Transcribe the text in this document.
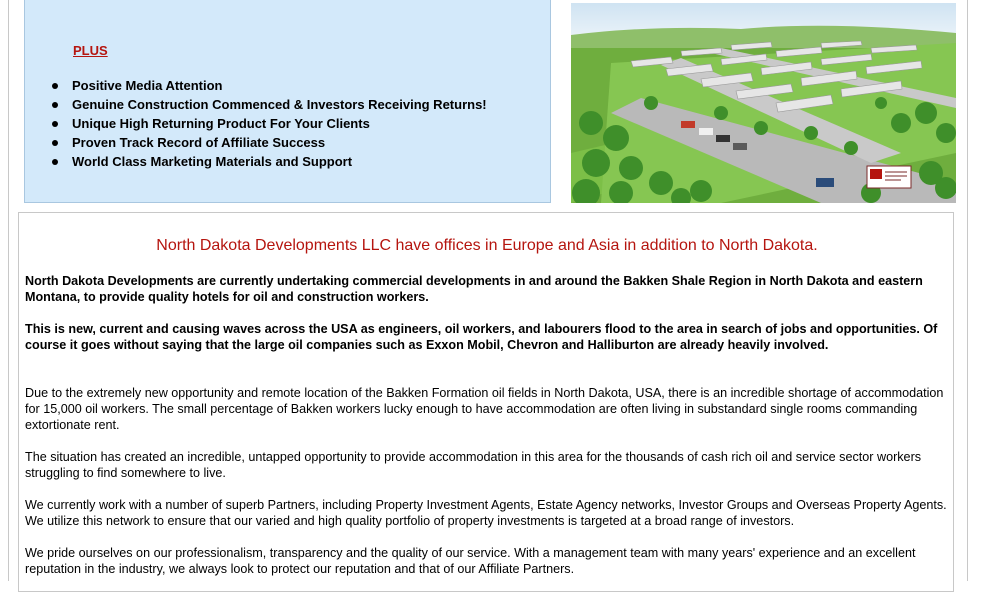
PLUS
Positive Media Attention
Genuine Construction Commenced & Investors Receiving Returns!
Unique High Returning Product For Your Clients
Proven Track Record of Affiliate Success
World Class Marketing Materials and Support
North Dakota Developments LLC have offices in Europe and Asia in addition to North Dakota.

North Dakota Developments are currently undertaking commercial developments in and around the Bakken Shale Region in North Dakota and eastern Montana, to provide quality hotels for oil and construction workers.

This is new, current and causing waves across the USA as engineers, oil workers, and labourers flood to the area in search of jobs and opportunities. Of course it goes without saying that the large oil companies such as Exxon Mobil, Chevron and Halliburton are already heavily involved.

Due to the extremely new opportunity and remote location of the Bakken Formation oil fields in North Dakota, USA, there is an incredible shortage of accommodation for 15,000 oil workers. The small percentage of Bakken workers lucky enough to have accommodation are often living in substandard single rooms commanding extortionate rent.

The situation has created an incredible, untapped opportunity to provide accommodation in this area for the thousands of cash rich oil and service sector workers struggling to find somewhere to live.

We currently work with a number of superb Partners, including Property Investment Agents, Estate Agency networks, Investor Groups and Overseas Property Agents. We utilize this network to ensure that our varied and high quality portfolio of property investments is targeted at a broad range of investors.

We pride ourselves on our professionalism, transparency and the quality of our service. With a management team with many years' experience and an excellent reputation in the industry, we always look to protect our reputation and that of our Affiliate Partners.
